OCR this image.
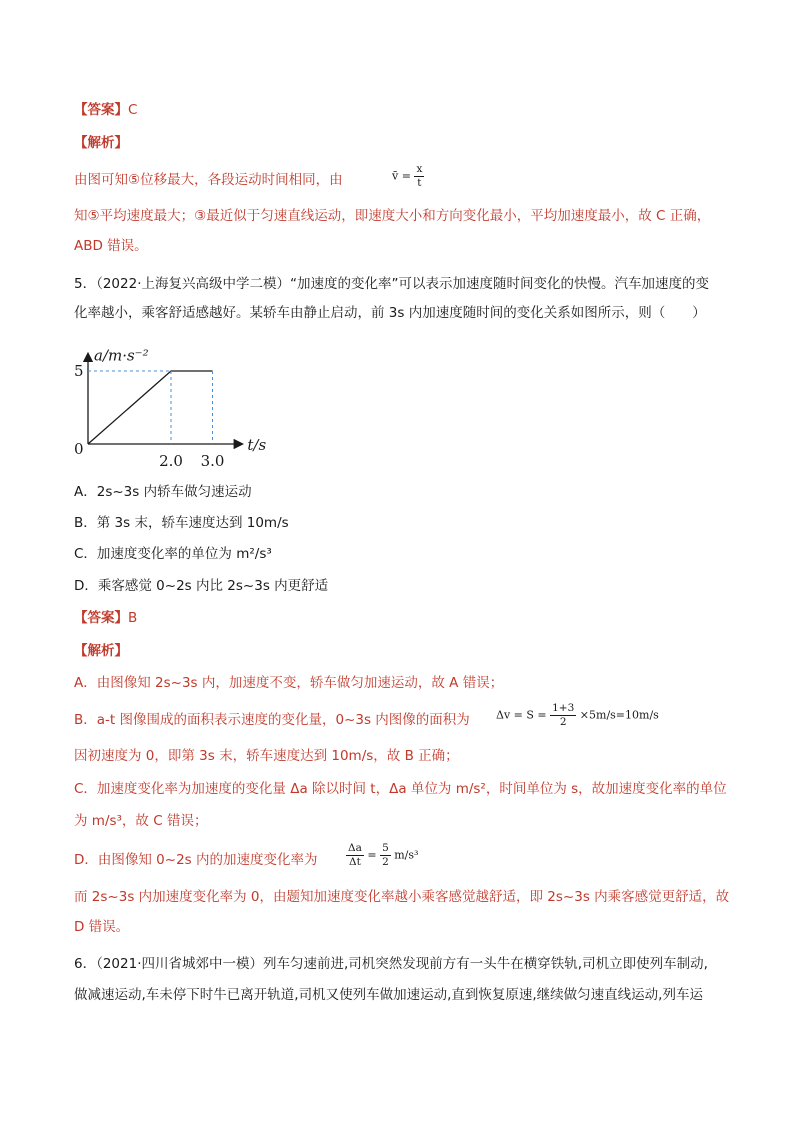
【答案】C
【解析】
由图可知⑤位移最大，各段运动时间相同，由	v̄ = $\frac{x}{t}$
知⑤平均速度最大；③最近似于匀速直线运动，即速度大小和方向变化最小，平均加速度最小，故 C 正确，
ABD 错误。
5．（2022·上海复兴高级中学二模）“加速度的变化率”可以表示加速度随时间变化的快慢。汽车加速度的变
化率越小，乘客舒适感越好。某轿车由静止启动，前 3s 内加速度随时间的变化关系如图所示，则（　　）
0
2.0 3.0
5
a/m·s⁻²
t/s
A．2s~3s 内轿车做匀速运动
B．第 3s 末，轿车速度达到 10m/s
C．加速度变化率的单位为 m²/s³
D．乘客感觉 0~2s 内比 2s~3s 内更舒适
【答案】B
【解析】
A．由图像知 2s~3s 内，加速度不变，轿车做匀加速运动，故 A 错误；
B．a-t 图像围成的面积表示速度的变化量，0~3s 内图像的面积为 $\Delta v = S = \frac{1+3}{2} \times 5m/s=10m/s$
因初速度为 0，即第 3s 末，轿车速度达到 10m/s，故 B 正确；
C．加速度变化率为加速度的变化量 Δa 除以时间 t，Δa 单位为 m/s²，时间单位为 s，故加速度变化率的单位
为 m/s³，故 C 错误；
D．由图像知 0~2s 内的加速度变化率为	$\frac{\Delta a}{\Delta t} = \frac{5}{2} m/s^3$
而 2s~3s 内加速度变化率为 0，由题知加速度变化率越小乘客感觉越舒适，即 2s~3s 内乘客感觉更舒适，故
D 错误。
6．（2021·四川省城郊中一模）列车匀速前进,司机突然发现前方有一头牛在横穿铁轨,司机立即使列车制动,
做减速运动,车未停下时牛已离开轨道,司机又使列车做加速运动,直到恢复原速,继续做匀速直线运动,列车运
